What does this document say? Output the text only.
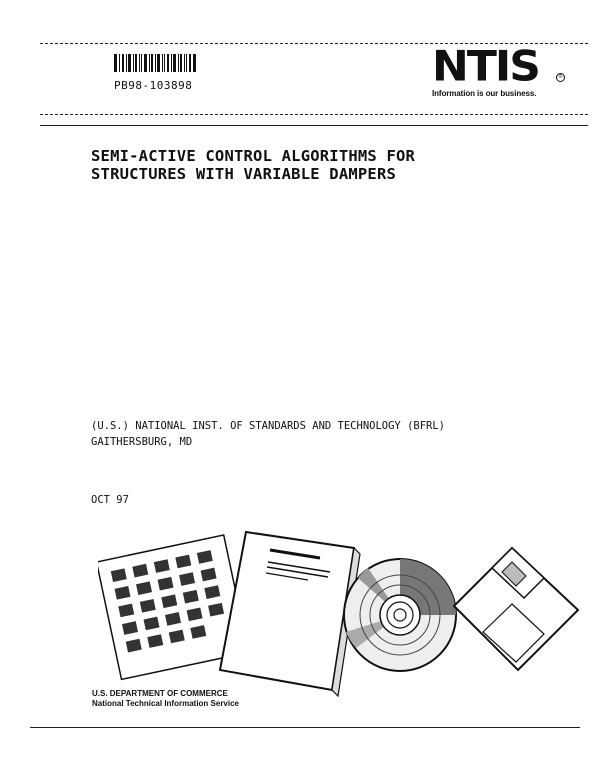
PB98-103898	NTIS	®
Information is our business.
SEMI-ACTIVE CONTROL ALGORITHMS FOR
STRUCTURES WITH VARIABLE DAMPERS
(U.S.) NATIONAL INST. OF STANDARDS AND TECHNOLOGY (BFRL)
GAITHERSBURG, MD
OCT 97
U.S. DEPARTMENT OF COMMERCE
National Technical Information Service
